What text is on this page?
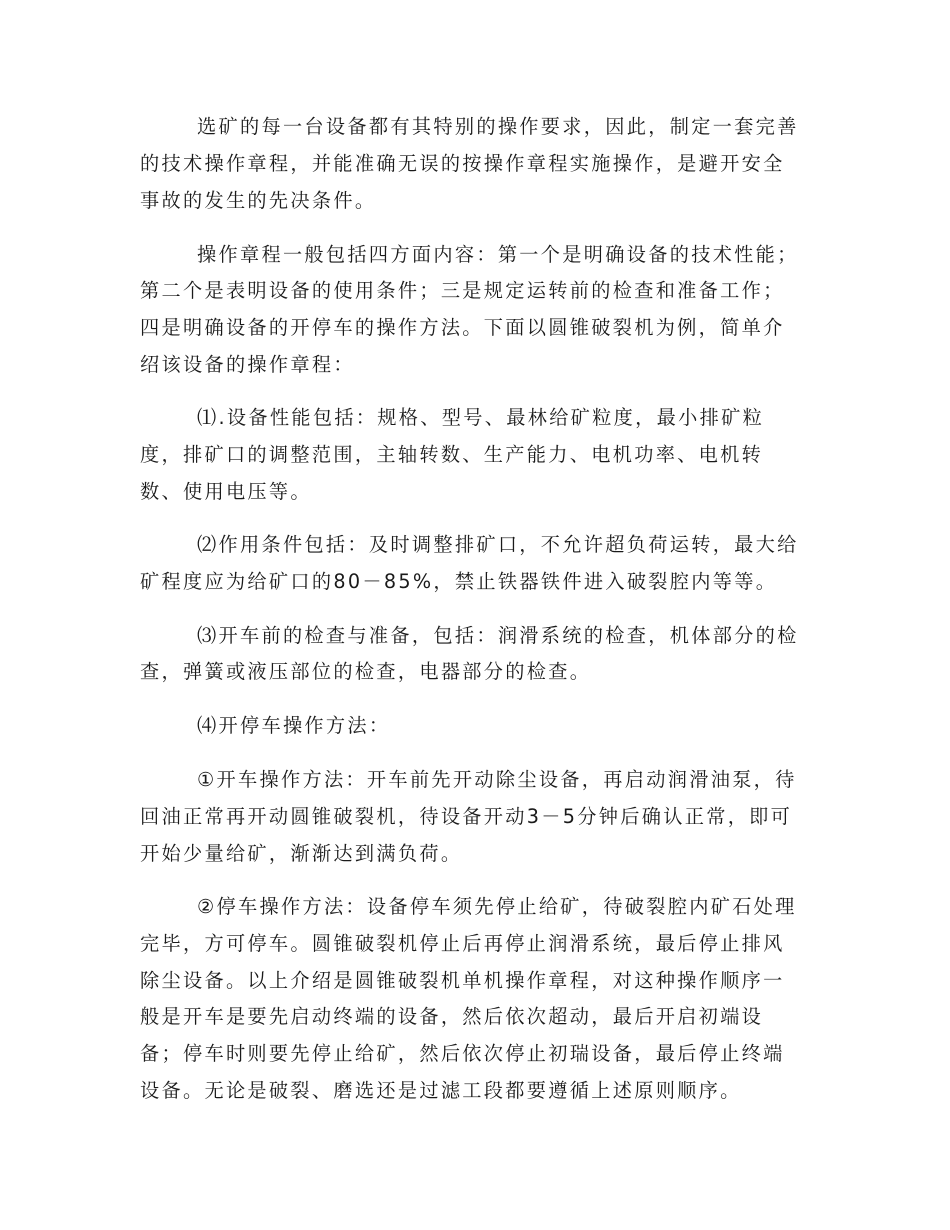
选矿的每一台设备都有其特别的操作要求，因此，制定一套完善
的技术操作章程，并能准确无误的按操作章程实施操作，是避开安全
事故的发生的先决条件。
操作章程一般包括四方面内容：第一个是明确设备的技术性能；
第二个是表明设备的使用条件；三是规定运转前的检查和准备工作；
四是明确设备的开停车的操作方法。下面以圆锥破裂机为例，简单介
绍该设备的操作章程：
⑴.设备性能包括：规格、型号、最林给矿粒度，最小排矿粒
度，排矿口的调整范围，主轴转数、生产能力、电机功率、电机转
数、使用电压等。
⑵作用条件包括：及时调整排矿口，不允许超负荷运转，最大给
矿程度应为给矿口的80－85%，禁止铁器铁件进入破裂腔内等等。
⑶开车前的检查与准备，包括：润滑系统的检查，机体部分的检
查，弹簧或液压部位的检查，电器部分的检查。
⑷开停车操作方法：
①开车操作方法：开车前先开动除尘设备，再启动润滑油泵，待
回油正常再开动圆锥破裂机，待设备开动3－5分钟后确认正常，即可
开始少量给矿，渐渐达到满负荷。
②停车操作方法：设备停车须先停止给矿，待破裂腔内矿石处理
完毕，方可停车。圆锥破裂机停止后再停止润滑系统，最后停止排风
除尘设备。以上介绍是圆锥破裂机单机操作章程，对这种操作顺序一
般是开车是要先启动终端的设备，然后依次超动，最后开启初端设
备；停车时则要先停止给矿，然后依次停止初瑞设备，最后停止终端
设备。无论是破裂、磨选还是过滤工段都要遵循上述原则顺序。
